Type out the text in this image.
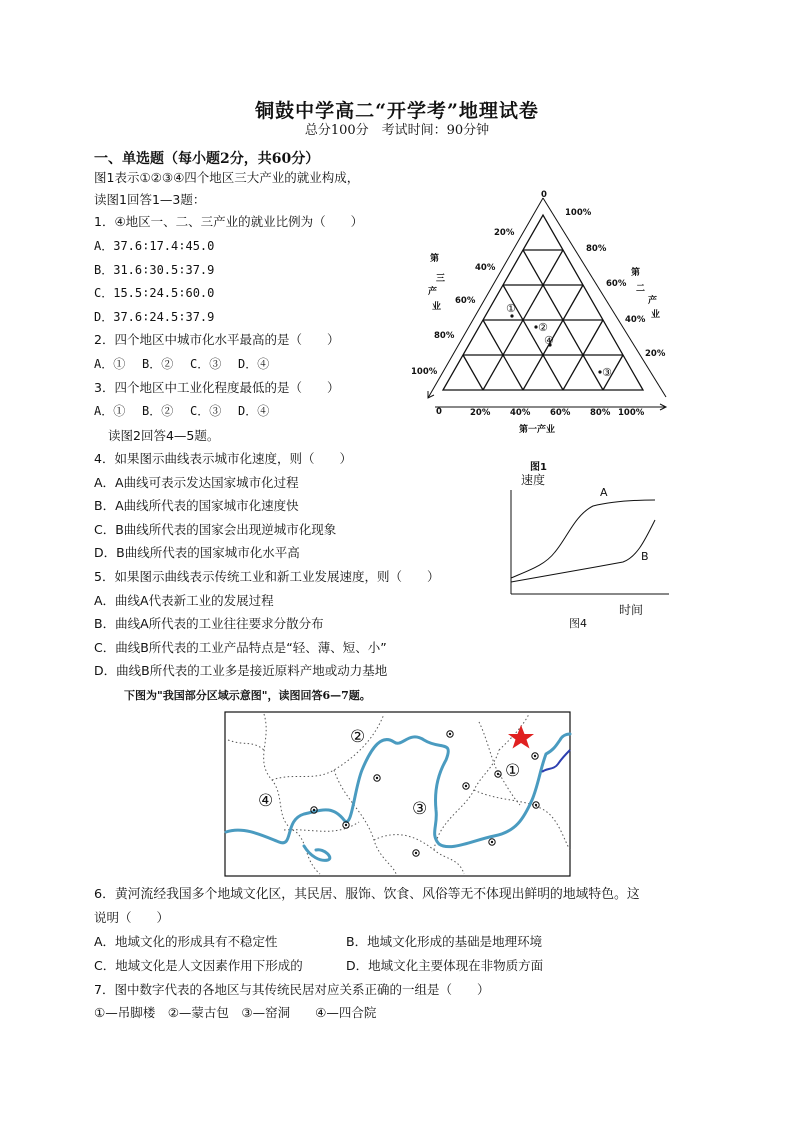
铜鼓中学高二“开学考”地理试卷
总分100分　考试时间：90分钟
一、单选题（每小题2分，共60分）
图1表示①②③④四个地区三大产业的就业构成，
读图1回答1—3题：
1．④地区一、二、三产业的就业比例为（　　）
A．37.6∶17.4∶45.0
B．31.6∶30.5∶37.9
C．15.5∶24.5∶60.0
D．37.6∶24.5∶37.9
2．四个地区中城市化水平最高的是（　　）
A．① B．② C．③ D．④
3．四个地区中工业化程度最低的是（　　）
A．① B．② C．③ D．④
读图2回答4—5题。
4．如果图示曲线表示城市化速度，则（　　）
A．A曲线可表示发达国家城市化过程
B．A曲线所代表的国家城市化速度快
C．B曲线所代表的国家会出现逆城市化现象
D．B曲线所代表的国家城市化水平高
5．如果图示曲线表示传统工业和新工业发展速度，则（　　）
A．曲线A代表新工业的发展过程
B．曲线A所代表的工业往往要求分散分布
C．曲线B所代表的工业产品特点是“轻、薄、短、小”
D．曲线B所代表的工业多是接近原料产地或动力基地
下图为"我国部分区域示意图"，读图回答6—7题。
0
0	20% 40% 60% 80% 100%
20%
40%
60%
80%
100%
100%
80%
60%
40%
20%
第一产业
第
三
产
业
第
二
产
业
①
②
③
④
图1
速度
时间
A
B
图4
①
②
③
④
6．黄河流经我国多个地域文化区，其民居、服饰、饮食、风俗等无不体现出鲜明的地域特色。这
说明（　　）
A．地域文化的形成具有不稳定性	B．地域文化形成的基础是地理环境
C．地域文化是人文因素作用下形成的	D．地域文化主要体现在非物质方面
7．图中数字代表的各地区与其传统民居对应关系正确的一组是（　　）
①—吊脚楼　②—蒙古包　③—窑洞　　④—四合院
